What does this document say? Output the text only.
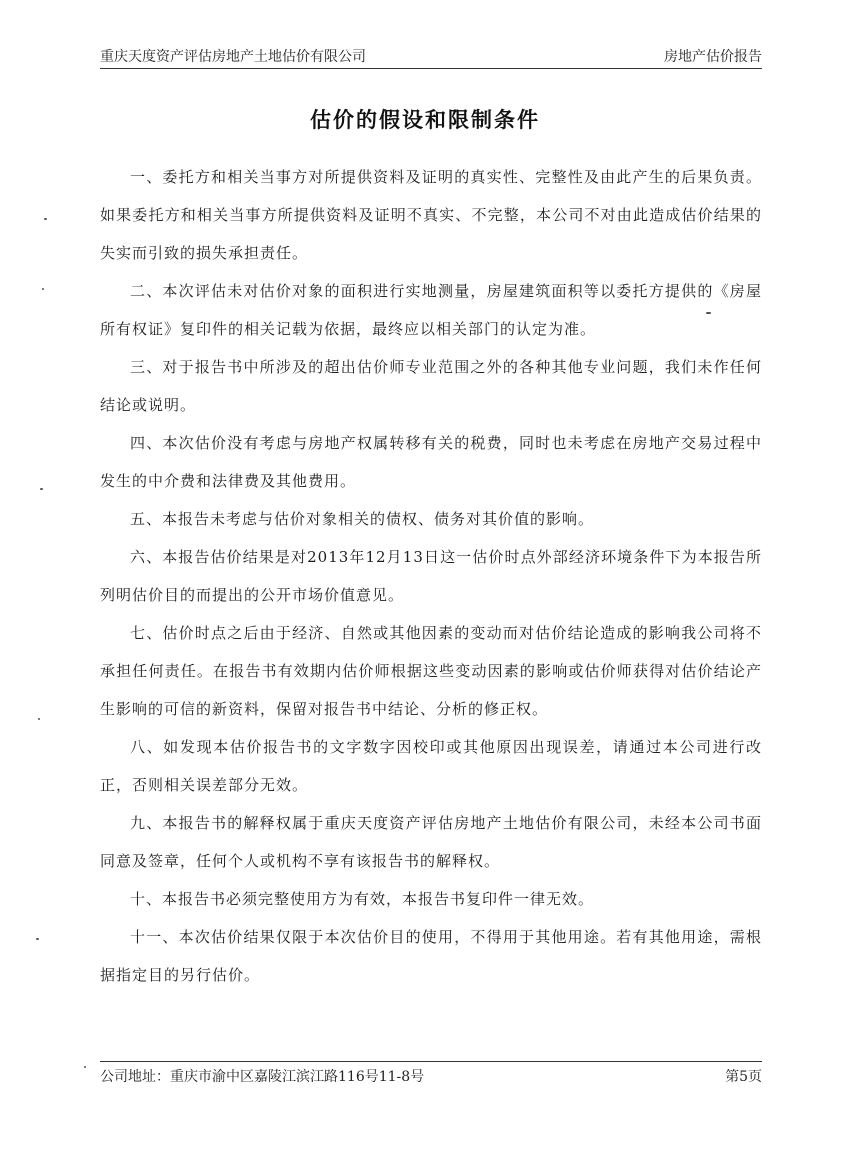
重庆天度资产评估房地产土地估价有限公司	房地产估价报告
估价的假设和限制条件

一、委托方和相关当事方对所提供资料及证明的真实性、完整性及由此产生的后果负责。如果委托方和相关当事方所提供资料及证明不真实、不完整，本公司不对由此造成估价结果的失实而引致的损失承担责任。

二、本次评估未对估价对象的面积进行实地测量，房屋建筑面积等以委托方提供的《房屋所有权证》复印件的相关记载为依据，最终应以相关部门的认定为准。

三、对于报告书中所涉及的超出估价师专业范围之外的各种其他专业问题，我们未作任何结论或说明。

四、本次估价没有考虑与房地产权属转移有关的税费，同时也未考虑在房地产交易过程中发生的中介费和法律费及其他费用。

五、本报告未考虑与估价对象相关的债权、债务对其价值的影响。

六、本报告估价结果是对2013年12月13日这一估价时点外部经济环境条件下为本报告所列明估价目的而提出的公开市场价值意见。

七、估价时点之后由于经济、自然或其他因素的变动而对估价结论造成的影响我公司将不承担任何责任。在报告书有效期内估价师根据这些变动因素的影响或估价师获得对估价结论产生影响的可信的新资料，保留对报告书中结论、分析的修正权。

八、如发现本估价报告书的文字数字因校印或其他原因出现误差，请通过本公司进行改正，否则相关误差部分无效。

九、本报告书的解释权属于重庆天度资产评估房地产土地估价有限公司，未经本公司书面同意及签章，任何个人或机构不享有该报告书的解释权。

十、本报告书必须完整使用方为有效，本报告书复印件一律无效。

十一、本次估价结果仅限于本次估价目的使用，不得用于其他用途。若有其他用途，需根据指定目的另行估价。

公司地址：重庆市渝中区嘉陵江滨江路116号11-8号	第5页
